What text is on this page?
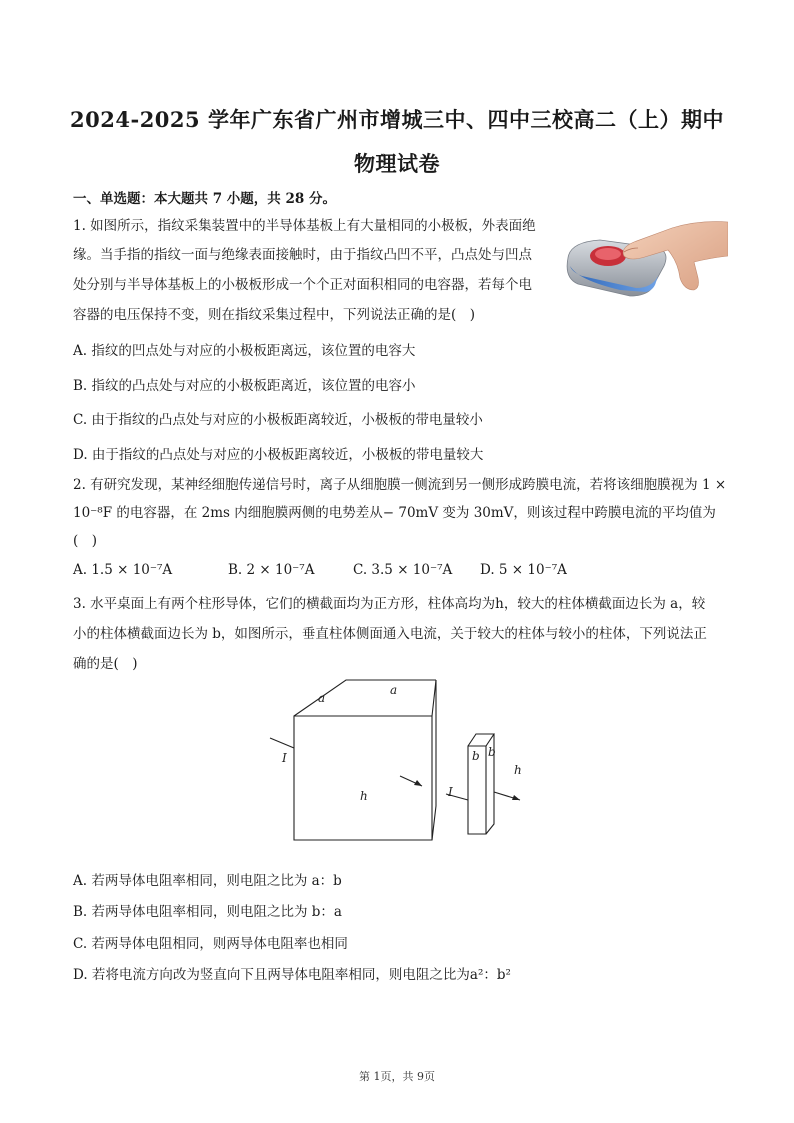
2024-2025 学年广东省广州市增城三中、四中三校高二（上）期中
物理试卷
一、单选题：本大题共 7 小题，共 28 分。
1. 如图所示，指纹采集装置中的半导体基板上有大量相同的小极板，外表面绝
缘。当手指的指纹一面与绝缘表面接触时，由于指纹凸凹不平，凸点处与凹点
处分别与半导体基板上的小极板形成一个个正对面积相同的电容器，若每个电
容器的电压保持不变，则在指纹采集过程中，下列说法正确的是(　)
A. 指纹的凹点处与对应的小极板距离远，该位置的电容大
B. 指纹的凸点处与对应的小极板距离近，该位置的电容小
C. 由于指纹的凸点处与对应的小极板距离较近，小极板的带电量较小
D. 由于指纹的凸点处与对应的小极板距离较近，小极板的带电量较大
2. 有研究发现，某神经细胞传递信号时，离子从细胞膜一侧流到另一侧形成跨膜电流，若将该细胞膜视为 1 ×
10⁻⁸F 的电容器，在 2ms 内细胞膜两侧的电势差从− 70mV 变为 30mV，则该过程中跨膜电流的平均值为
(　)
A. 1.5 × 10⁻⁷A	B. 2 × 10⁻⁷A	C. 3.5 × 10⁻⁷A D. 5 × 10⁻⁷A
3. 水平桌面上有两个柱形导体，它们的横截面均为正方形，柱体高均为h，较大的柱体横截面边长为 a，较
小的柱体横截面边长为 b，如图所示，垂直柱体侧面通入电流，关于较大的柱体与较小的柱体，下列说法正
确的是(　)
a
a
I
h	I
b b
h
A. 若两导体电阻率相同，则电阻之比为 a：b
B. 若两导体电阻率相同，则电阻之比为 b：a
C. 若两导体电阻相同，则两导体电阻率也相同
D. 若将电流方向改为竖直向下且两导体电阻率相同，则电阻之比为a²：b²
第 1页，共 9页
